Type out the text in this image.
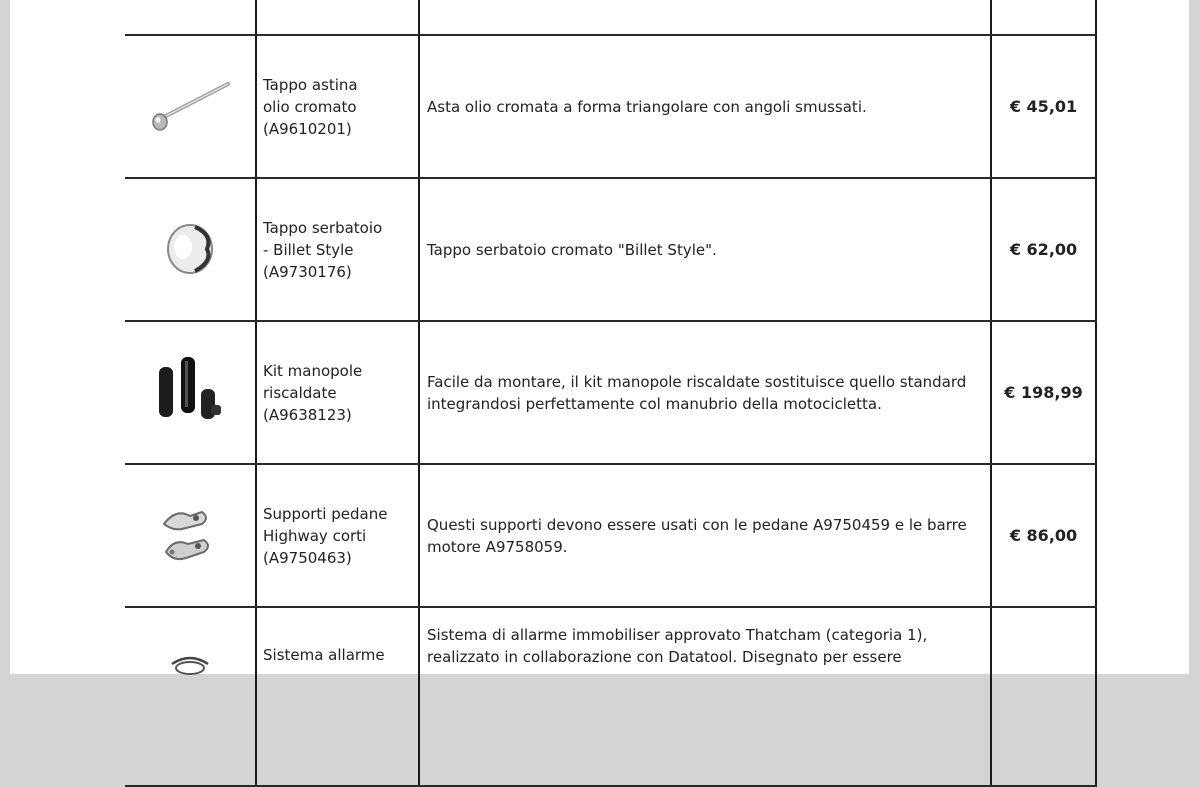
Tappo astina
olio cromato
(A9610201)	Asta olio cromata a forma triangolare con angoli smussati.	€ 45,01	

Tappo serbatoio
- Billet Style
(A9730176)	Tappo serbatoio cromato "Billet Style".	€ 62,00	

Kit manopole
riscaldate
(A9638123)	Facile da montare, il kit manopole riscaldate sostituisce quello standard integrandosi perfettamente col manubrio della motocicletta.	€ 198,99	

Supporti pedane
Highway corti
(A9750463)	Questi supporti devono essere usati con le pedane A9750459 e le barre motore A9758059.	€ 86,00	

Sistema allarme	Sistema di allarme immobiliser approvato Thatcham (categoria 1), realizzato in collaborazione con Datatool. Disegnato per essere		
